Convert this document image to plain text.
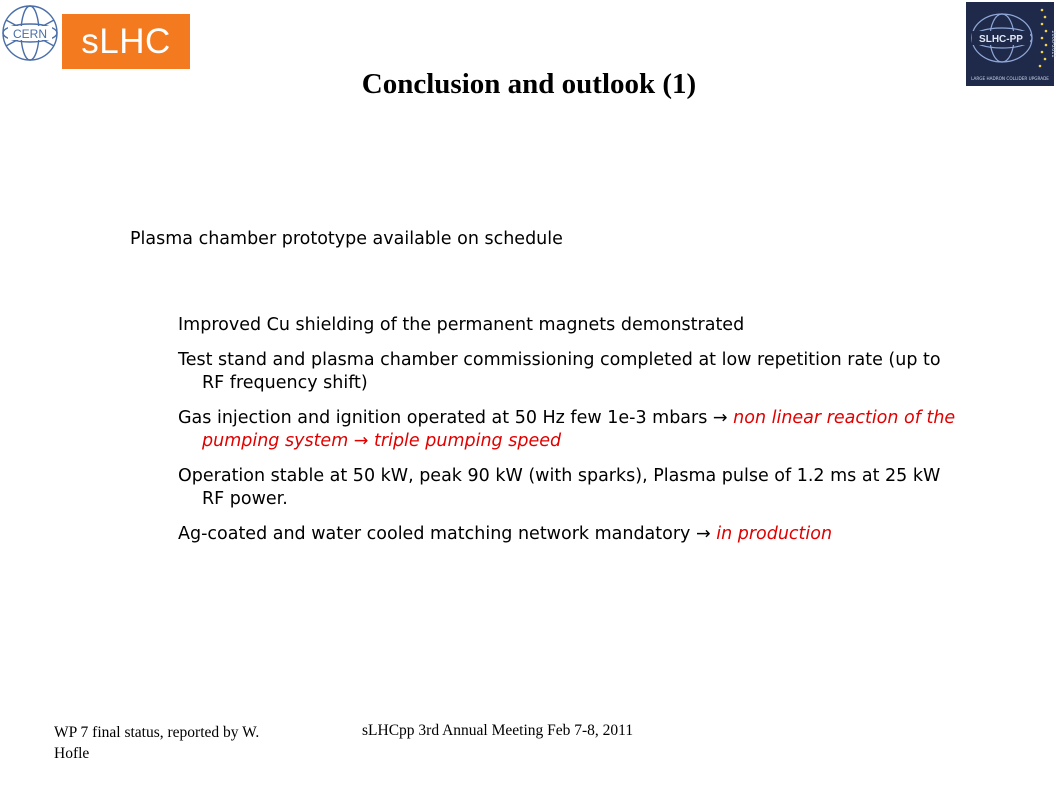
CERN sLHC	SLHC-PP	2008-2011
LARGE HADRON COLLIDER UPGRADE
Conclusion and outlook (1)
Plasma chamber prototype available on schedule
Improved Cu shielding of the permanent magnets demonstrated
Test stand and plasma chamber commissioning completed at low repetition rate (up to RF frequency shift)
Gas injection and ignition operated at 50 Hz few 1e-3 mbars → non linear reaction of the pumping system → triple pumping speed
Operation stable at 50 kW, peak 90 kW (with sparks), Plasma pulse of 1.2 ms at 25 kW RF power.
Ag-coated and water cooled matching network mandatory → in production
WP 7 final status, reported by W. Hofle
sLHCpp 3rd Annual Meeting Feb 7-8, 2011
